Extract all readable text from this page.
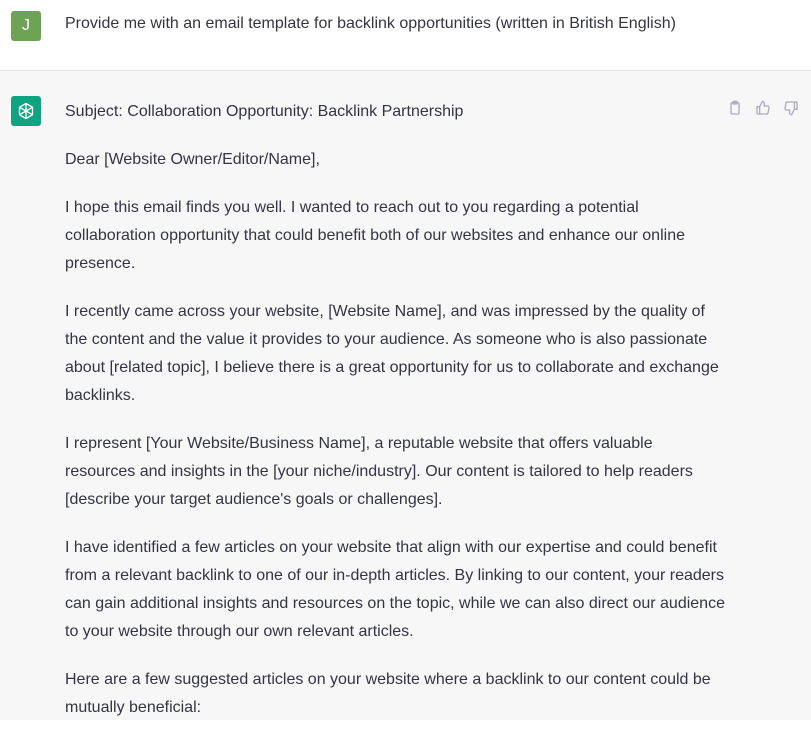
J	Provide me with an email template for backlink opportunities (written in British English)

Subject: Collaboration Opportunity: Backlink Partnership

Dear [Website Owner/Editor/Name],

I hope this email finds you well. I wanted to reach out to you regarding a potential collaboration opportunity that could benefit both of our websites and enhance our online presence.

I recently came across your website, [Website Name], and was impressed by the quality of the content and the value it provides to your audience. As someone who is also passionate about [related topic], I believe there is a great opportunity for us to collaborate and exchange backlinks.

I represent [Your Website/Business Name], a reputable website that offers valuable resources and insights in the [your niche/industry]. Our content is tailored to help readers [describe your target audience's goals or challenges].

I have identified a few articles on your website that align with our expertise and could benefit from a relevant backlink to one of our in-depth articles. By linking to our content, your readers can gain additional insights and resources on the topic, while we can also direct our audience to your website through our own relevant articles.

Here are a few suggested articles on your website where a backlink to our content could be mutually beneficial:
